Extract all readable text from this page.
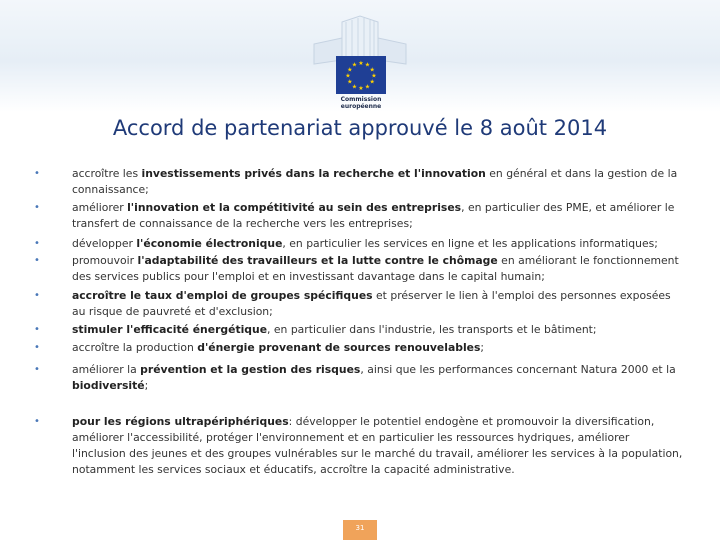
★ ★
★
★
★
★
★
★
★
★
★
★
Commission
européenne
Accord de partenariat approuvé le 8 août 2014
•	accroître les investissements privés dans la recherche et l'innovation en général et dans la gestion de la connaissance;
•	améliorer l'innovation et la compétitivité au sein des entreprises, en particulier des PME, et améliorer le transfert de connaissance de la recherche vers les entreprises;
•	développer l'économie électronique, en particulier les services en ligne et les applications informatiques;
•	promouvoir l'adaptabilité des travailleurs et la lutte contre le chômage en améliorant le fonctionnement des services publics pour l'emploi et en investissant davantage dans le capital humain;
•	accroître le taux d'emploi de groupes spécifiques et préserver le lien à l'emploi des personnes exposées au risque de pauvreté et d'exclusion;
•	stimuler l'efficacité énergétique, en particulier dans l'industrie, les transports et le bâtiment;
•	accroître la production d'énergie provenant de sources renouvelables;
•	améliorer la prévention et la gestion des risques, ainsi que les performances concernant Natura 2000 et la biodiversité;
•	pour les régions ultrapériphériques: développer le potentiel endogène et promouvoir la diversification, améliorer l'accessibilité, protéger l'environnement et en particulier les ressources hydriques, améliorer l'inclusion des jeunes et des groupes vulnérables sur le marché du travail, améliorer les services à la population, notamment les services sociaux et éducatifs, accroître la capacité administrative.
31
